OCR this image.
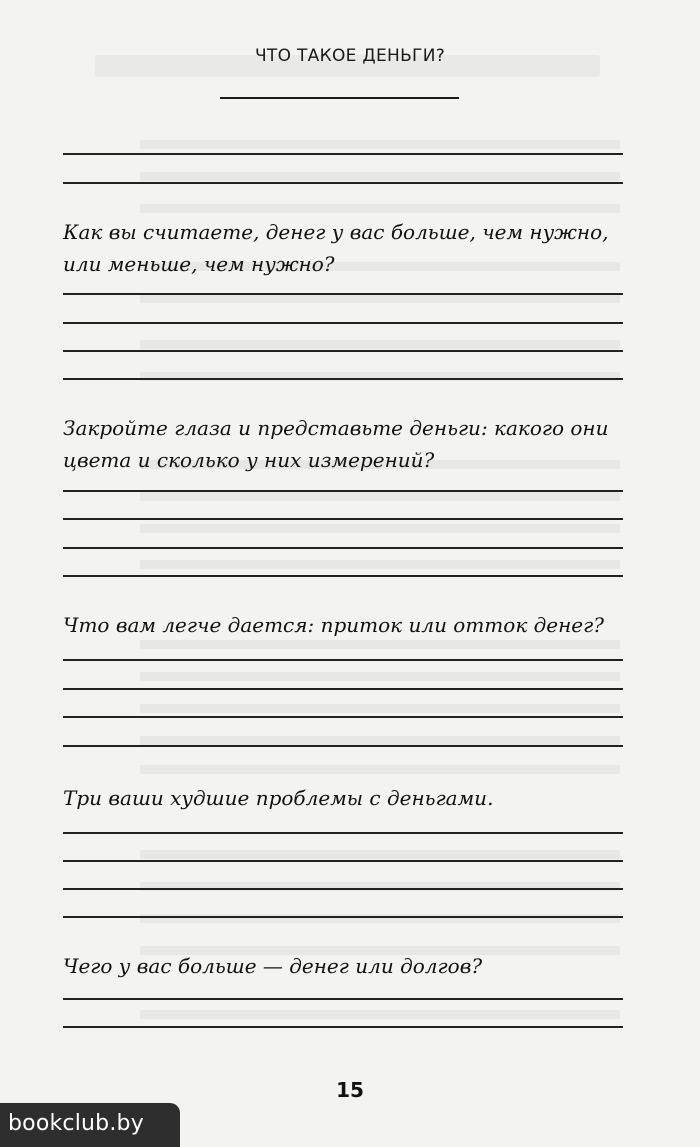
ЧТО ТАКОЕ ДЕНЬГИ?
Как вы считаете, денег у вас больше, чем нужно, или меньше, чем нужно?
Закройте глаза и представьте деньги: какого они цвета и сколько у них измерений?
Что вам легче дается: приток или отток денег?
Три ваши худшие проблемы с деньгами.
Чего у вас больше — денег или долгов?
15
bookclub.by
